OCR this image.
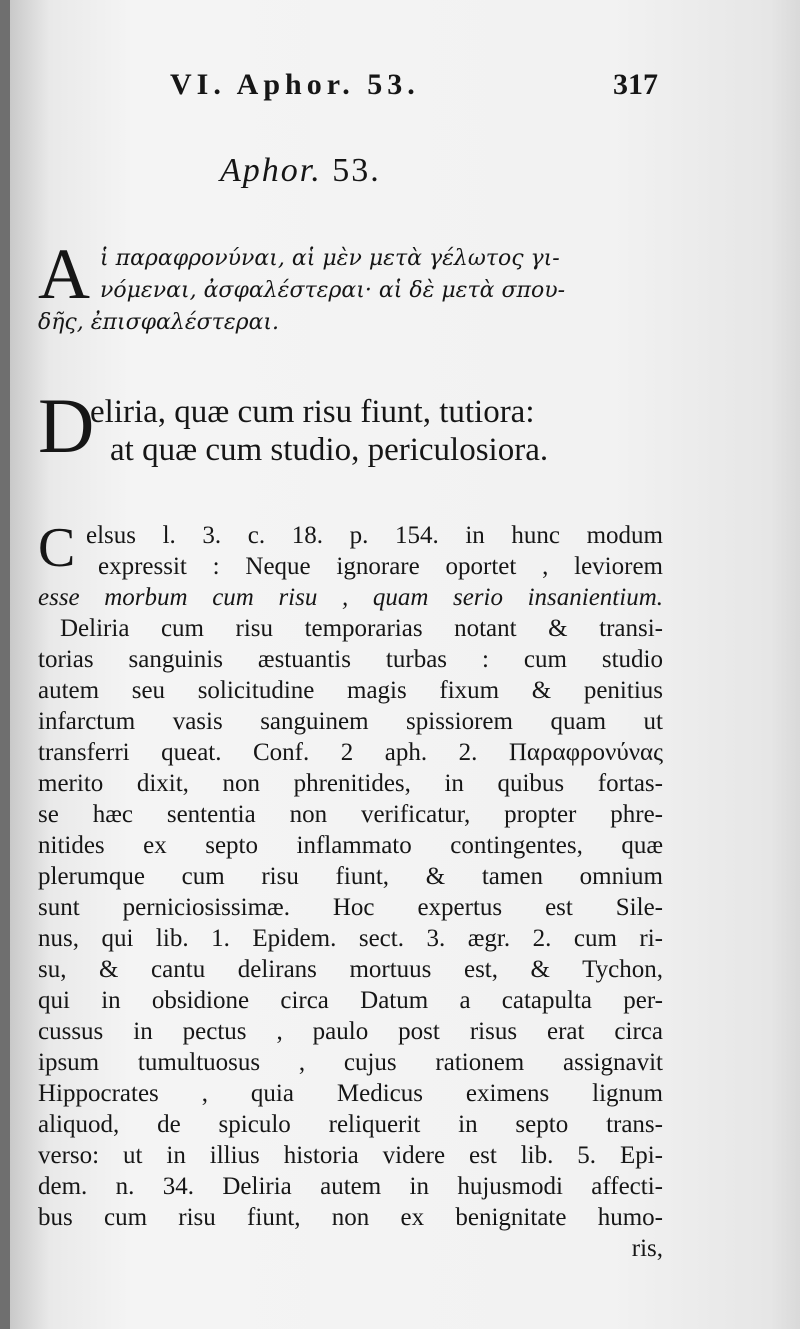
VI. Aphor. 53.	317
Aphor. 53.
A ἱ παραφρονύναι, αἱ μὲν μετὰ γέλωτος γι-
νόμεναι, ἀσφαλέστεραι· αἱ δὲ μετὰ σπου-
δῆς, ἐπισφαλέστεραι.
D
eliria, quæ cum risu fiunt, tutiora:
at quæ cum studio, periculosiora.
C elsus l. 3. c. 18. p. 154. in hunc modum
expressit : Neque ignorare oportet , leviorem
esse morbum cum risu , quam serio insanientium.
Deliria cum risu temporarias notant & transi-
torias sanguinis æstuantis turbas : cum studio
autem seu solicitudine magis fixum & penitius
infarctum vasis sanguinem spissiorem quam ut
transferri queat. Conf. 2 aph. 2. Παραφρονύνας
merito dixit, non phrenitides, in quibus fortas-
se hæc sententia non verificatur, propter phre-
nitides ex septo inflammato contingentes, quæ
plerumque cum risu fiunt, & tamen omnium
sunt perniciosissimæ. Hoc expertus est Sile-
nus, qui lib. 1. Epidem. sect. 3. ægr. 2. cum ri-
su, & cantu delirans mortuus est, & Tychon,
qui in obsidione circa Datum a catapulta per-
cussus in pectus , paulo post risus erat circa
ipsum tumultuosus , cujus rationem assignavit
Hippocrates , quia Medicus eximens lignum
aliquod, de spiculo reliquerit in septo trans-
verso: ut in illius historia videre est lib. 5. Epi-
dem. n. 34. Deliria autem in hujusmodi affecti-
bus cum risu fiunt, non ex benignitate humo-
ris,
